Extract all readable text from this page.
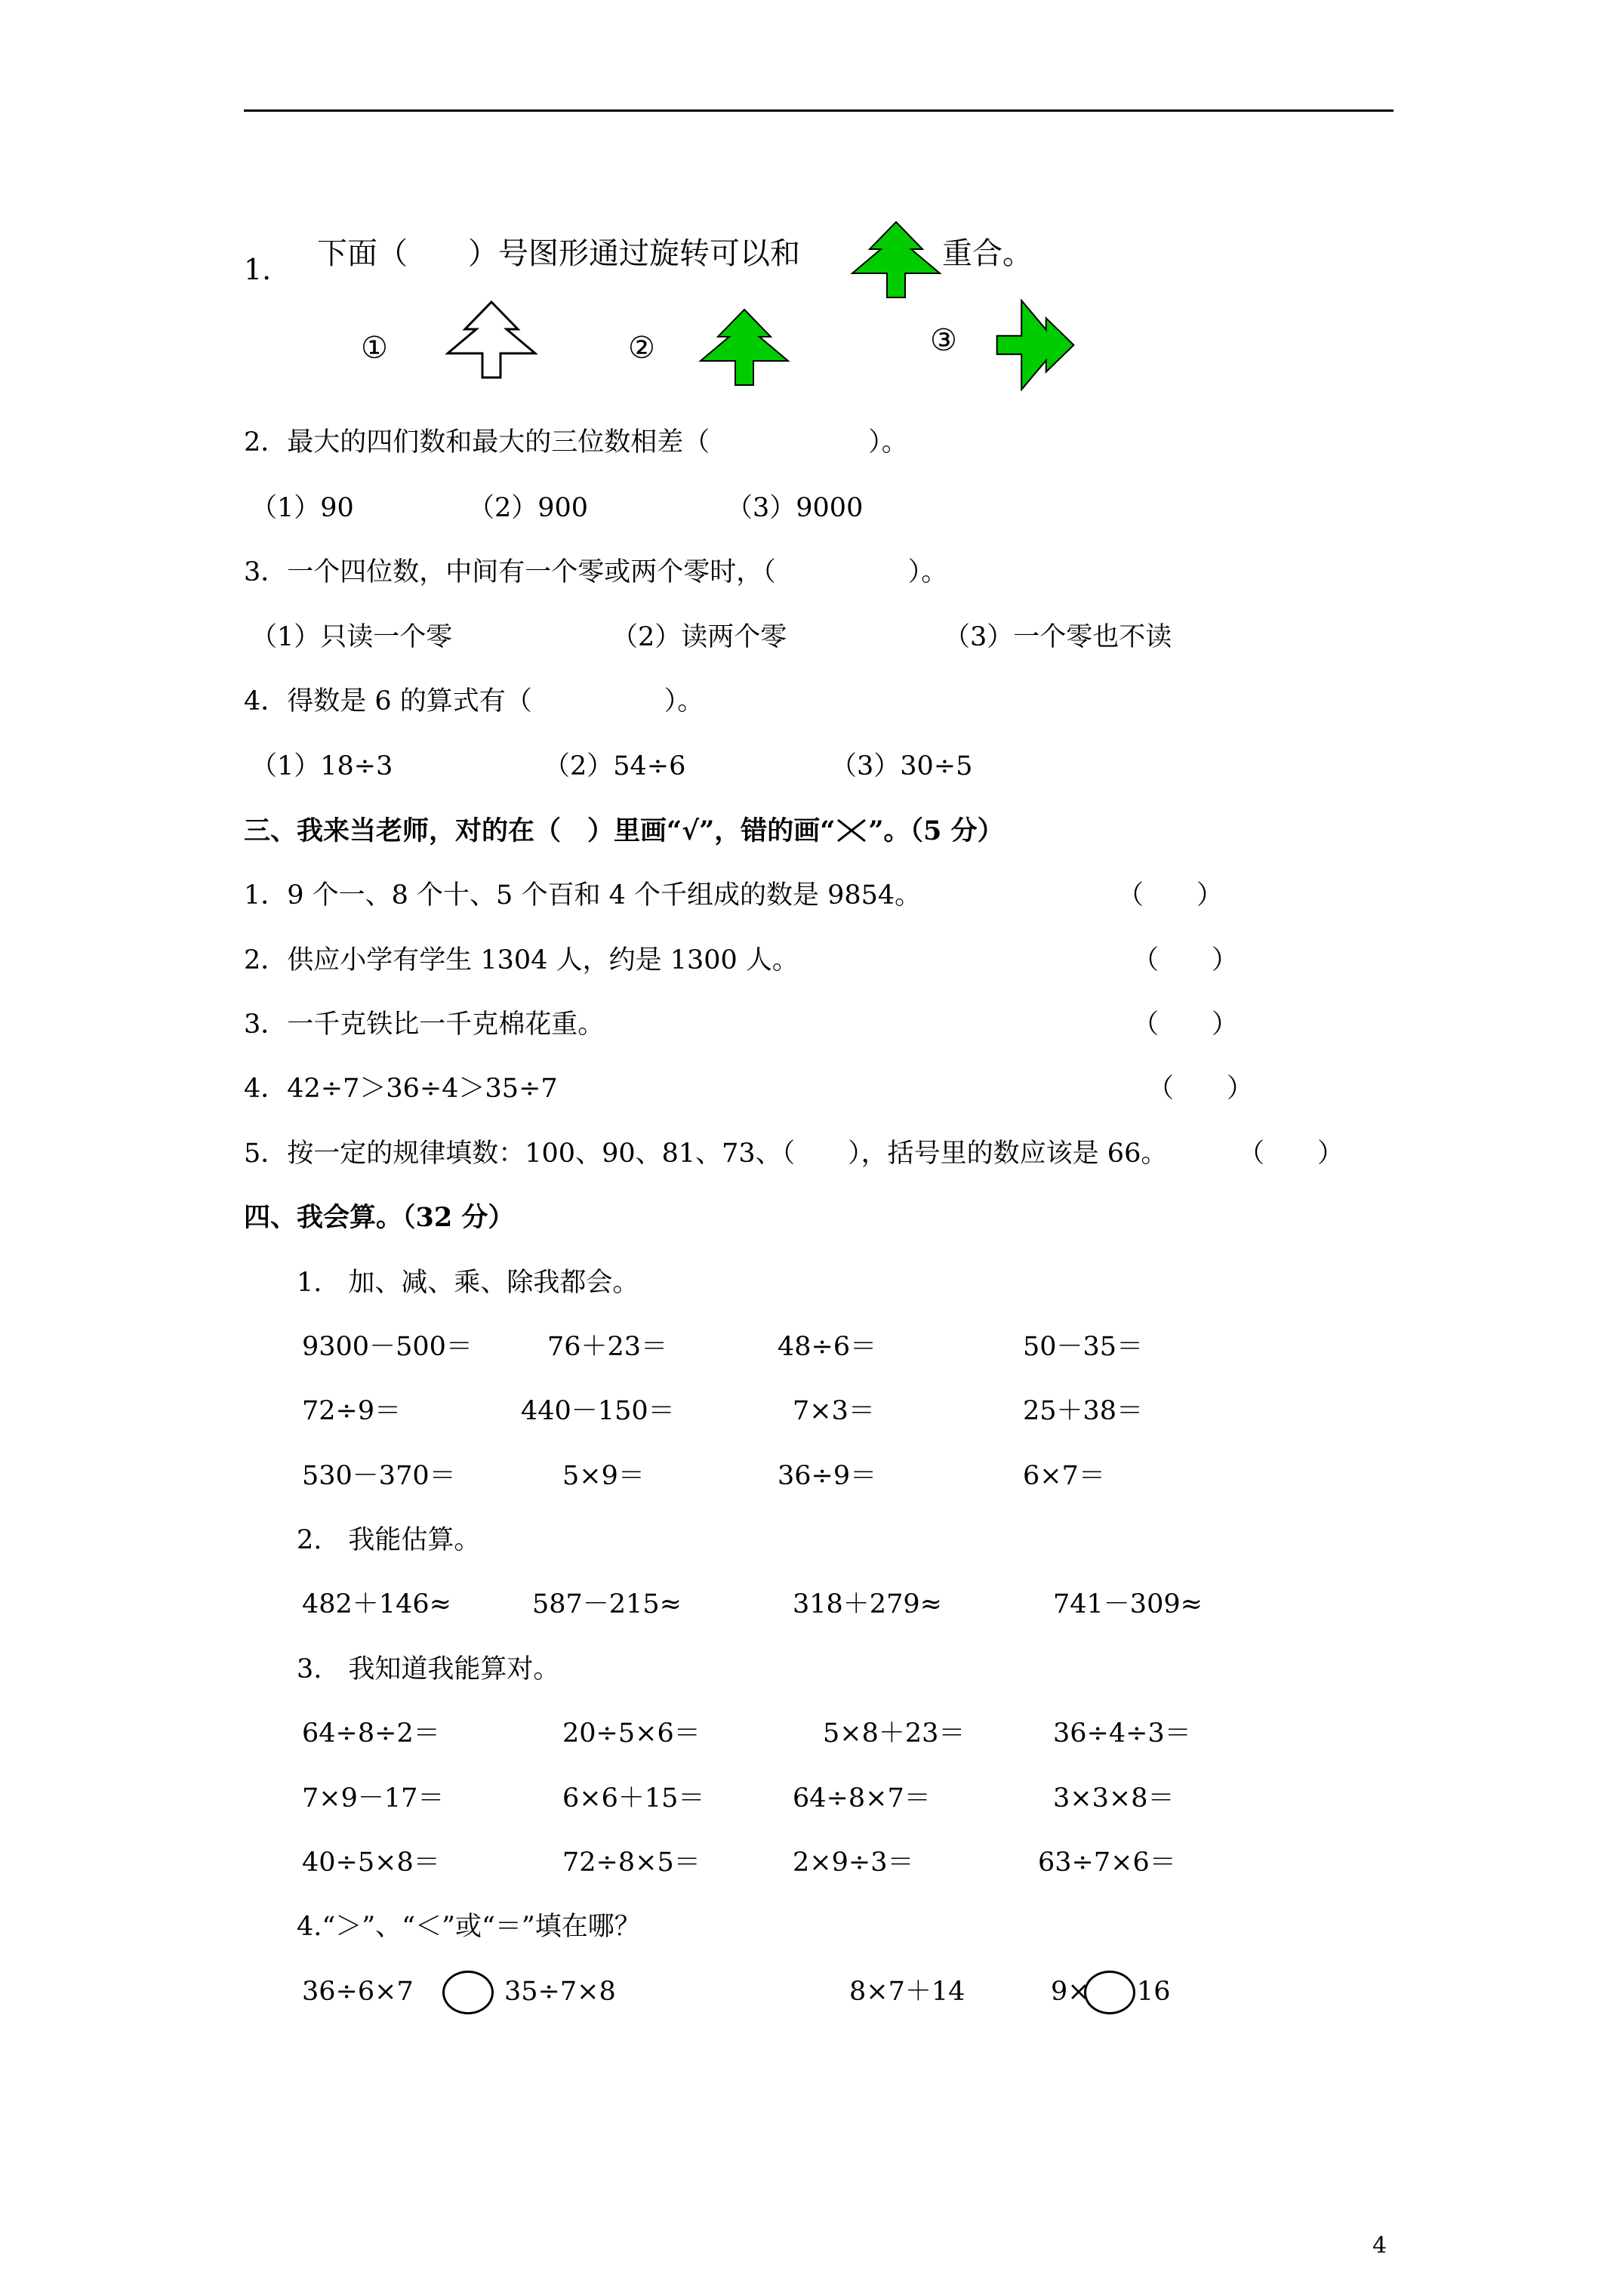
1. 下面（　　）号图形通过旋转可以和	重合。
①	②	③
2．最大的四们数和最大的三位数相差（　　　　　　）。
（1）90	（2）900	（3）9000
3．一个四位数，中间有一个零或两个零时，（　　　　　）。
（1）只读一个零	（2）读两个零	（3）一个零也不读
4．得数是 6 的算式有（　　　　　）。
（1）18÷3	（2）54÷6	（3）30÷5
三、我来当老师，对的在（　）里画“√”，错的画“ ”。（5 分）
1．9 个一、8 个十、5 个百和 4 个千组成的数是 9854。	（　　）
2．供应小学有学生 1304 人，约是 1300 人。	（　　）
3．一千克铁比一千克棉花重。	（　　）
4．42÷7＞36÷4＞35÷7	（　　）
5．按一定的规律填数：100、90、81、73、（　　），括号里的数应该是 66。	（　　）
四、我会算。（32 分）
1.　加、减、乘、除我都会。
9300－500＝	76＋23＝	48÷6＝	50－35＝
72÷9＝	440－150＝	7×3＝	25＋38＝
530－370＝	5×9＝	36÷9＝	6×7＝
2.　我能估算。
482＋146≈	587－215≈	318＋279≈	741－309≈
3.　我知道我能算对。
64÷8÷2＝	20÷5×6＝	5×8＋23＝	36÷4÷3＝
7×9－17＝	6×6＋15＝	64÷8×7＝	3×3×8＝
40÷5×8＝	72÷8×5＝	2×9÷3＝	63÷7×6＝
4.“＞”、“＜”或“＝”填在哪？
36÷6×7	35÷7×8	8×7＋14	9× 16
4
